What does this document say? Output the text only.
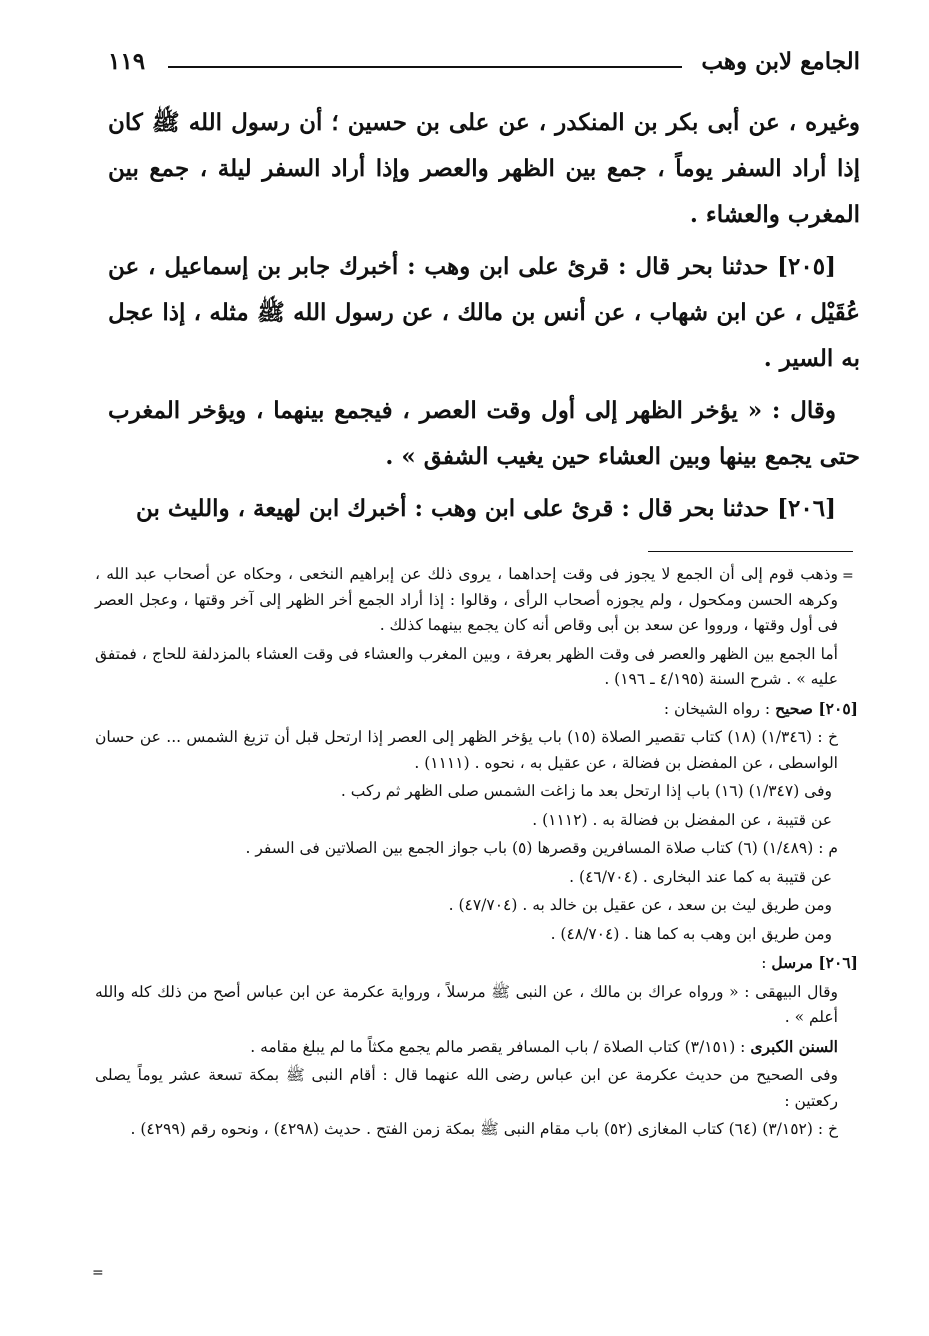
الجامع لابن وهب
١١٩

وغيره ، عن أبى بكر بن المنكدر ، عن على بن حسين ؛ أن رسول الله ﷺ كان إذا أراد السفر يوماً ، جمع بين الظهر والعصر وإذا أراد السفر ليلة ، جمع بين المغرب والعشاء .

[٢٠٥] حدثنا بحر قال : قرئ على ابن وهب : أخبرك جابر بن إسماعيل ، عن عُقَيْل ، عن ابن شهاب ، عن أنس بن مالك ، عن رسول الله ﷺ مثله ، إذا عجل به السير .

وقال : « يؤخر الظهر إلى أول وقت العصر ، فيجمع بينهما ، ويؤخر المغرب حتى يجمع بينها وبين العشاء حين يغيب الشفق » .

[٢٠٦] حدثنا بحر قال : قرئ على ابن وهب : أخبرك ابن لهيعة ، والليث بن

=

وذهب قوم إلى أن الجمع لا يجوز فى وقت إحداهما ، يروى ذلك عن إبراهيم النخعى ، وحكاه عن أصحاب عبد الله ، وكرهه الحسن ومكحول ، ولم يجوزه أصحاب الرأى ، وقالوا : إذا أراد الجمع أخر الظهر إلى آخر وقتها ، وعجل العصر فى أول وقتها ، ورووا عن سعد بن أبى وقاص أنه كان يجمع بينهما كذلك .

أما الجمع بين الظهر والعصر فى وقت الظهر بعرفة ، وبين المغرب والعشاء فى وقت العشاء بالمزدلفة للحاج ، فمتفق عليه » . شرح السنة (٤/١٩٥ ـ ١٩٦) .

[٢٠٥] صحيح : رواه الشيخان :

خ : (١/٣٤٦) (١٨) كتاب تقصير الصلاة (١٥) باب يؤخر الظهر إلى العصر إذا ارتحل قبل أن تزيغ الشمس ... عن حسان الواسطى ، عن المفضل بن فضالة ، عن عقيل به ، نحوه . (١١١١) .

وفى (١/٣٤٧) (١٦) باب إذا ارتحل بعد ما زاغت الشمس صلى الظهر ثم ركب .

عن قتيبة ، عن المفضل بن فضالة به . (١١١٢) .

م : (١/٤٨٩) (٦) كتاب صلاة المسافرين وقصرها (٥) باب جواز الجمع بين الصلاتين فى السفر .

عن قتيبة به كما عند البخارى . (٤٦/٧٠٤) .

ومن طريق ليث بن سعد ، عن عقيل بن خالد به . (٤٧/٧٠٤) .

ومن طريق ابن وهب به كما هنا . (٤٨/٧٠٤) .

[٢٠٦] مرسل :

وقال البيهقى : « ورواه عراك بن مالك ، عن النبى ﷺ مرسلاً ، ورواية عكرمة عن ابن عباس أصح من ذلك كله والله أعلم » .

السنن الكبرى : (٣/١٥١) كتاب الصلاة / باب المسافر يقصر مالم يجمع مكثاً ما لم يبلغ مقامه .

وفى الصحيح من حديث عكرمة عن ابن عباس رضى الله عنهما قال : أقام النبى ﷺ بمكة تسعة عشر يوماً يصلى ركعتين :

خ : (٣/١٥٢) (٦٤) كتاب المغازى (٥٢) باب مقام النبى ﷺ بمكة زمن الفتح . حديث (٤٢٩٨) ، ونحوه رقم (٤٢٩٩) .

=
